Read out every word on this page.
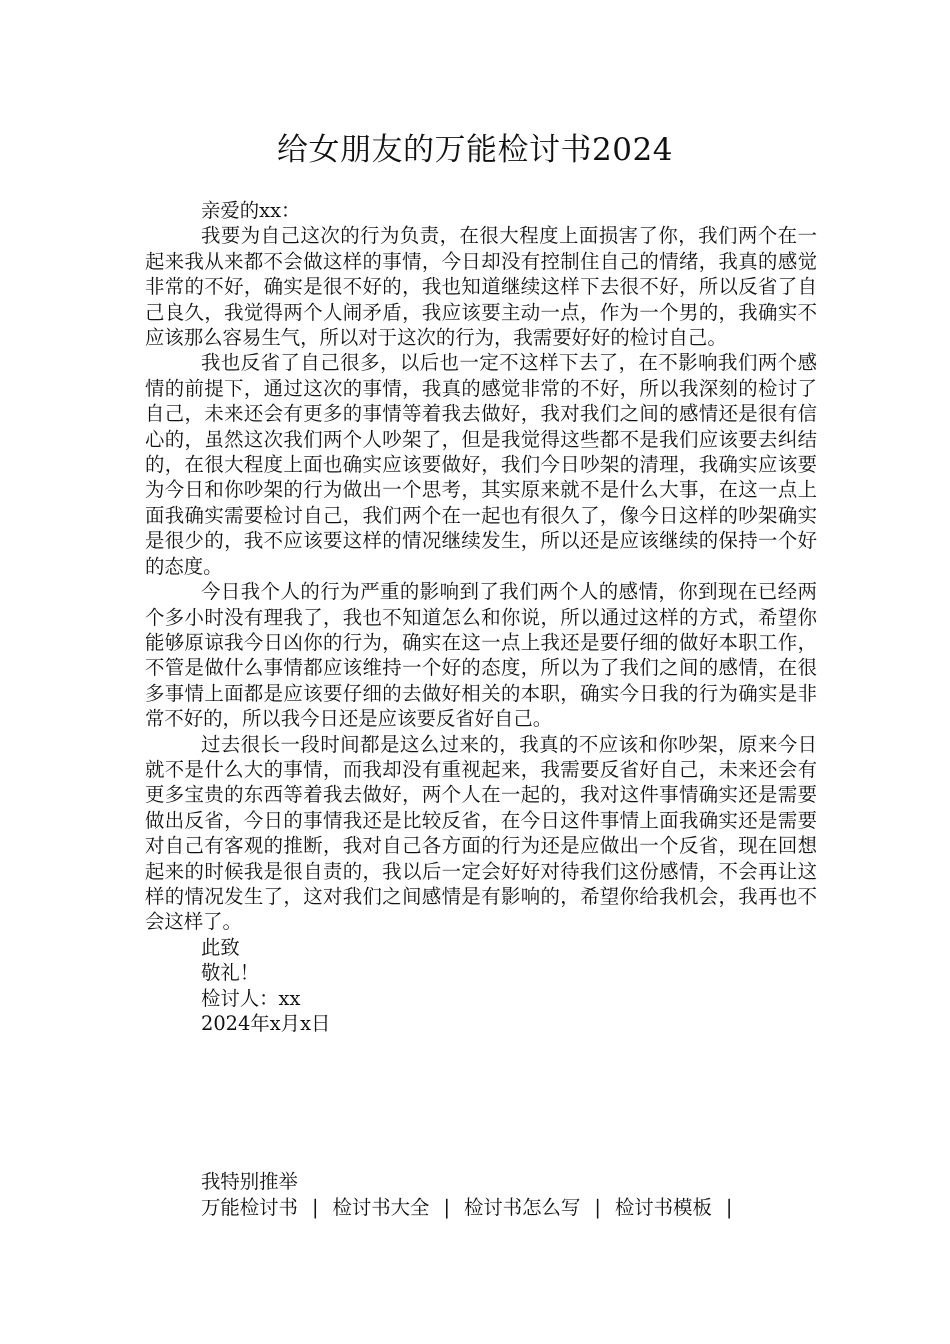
给女朋友的万能检讨书2024
亲爱的xx：

我要为自己这次的行为负责，在很大程度上面损害了你，我们两个在一起来我从来都不会做这样的事情，今日却没有控制住自己的情绪，我真的感觉非常的不好，确实是很不好的，我也知道继续这样下去很不好，所以反省了自己良久，我觉得两个人闹矛盾，我应该要主动一点，作为一个男的，我确实不应该那么容易生气，所以对于这次的行为，我需要好好的检讨自己。

我也反省了自己很多，以后也一定不这样下去了，在不影响我们两个感情的前提下，通过这次的事情，我真的感觉非常的不好，所以我深刻的检讨了自己，未来还会有更多的事情等着我去做好，我对我们之间的感情还是很有信心的，虽然这次我们两个人吵架了，但是我觉得这些都不是我们应该要去纠结的，在很大程度上面也确实应该要做好，我们今日吵架的清理，我确实应该要为今日和你吵架的行为做出一个思考，其实原来就不是什么大事，在这一点上面我确实需要检讨自己，我们两个在一起也有很久了，像今日这样的吵架确实是很少的，我不应该要这样的情况继续发生，所以还是应该继续的保持一个好的态度。

今日我个人的行为严重的影响到了我们两个人的感情，你到现在已经两个多小时没有理我了，我也不知道怎么和你说，所以通过这样的方式，希望你能够原谅我今日凶你的行为，确实在这一点上我还是要仔细的做好本职工作，不管是做什么事情都应该维持一个好的态度，所以为了我们之间的感情，在很多事情上面都是应该要仔细的去做好相关的本职，确实今日我的行为确实是非常不好的，所以我今日还是应该要反省好自己。

过去很长一段时间都是这么过来的，我真的不应该和你吵架，原来今日就不是什么大的事情，而我却没有重视起来，我需要反省好自己，未来还会有更多宝贵的东西等着我去做好，两个人在一起的，我对这件事情确实还是需要做出反省，今日的事情我还是比较反省，在今日这件事情上面我确实还是需要对自己有客观的推断，我对自己各方面的行为还是应做出一个反省，现在回想起来的时候我是很自责的，我以后一定会好好对待我们这份感情，不会再让这样的情况发生了，这对我们之间感情是有影响的，希望你给我机会，我再也不会这样了。

此致
敬礼！
检讨人：xx
2024年x月x日
我特别推举
万能检讨书 | 检讨书大全 | 检讨书怎么写 | 检讨书模板 |
